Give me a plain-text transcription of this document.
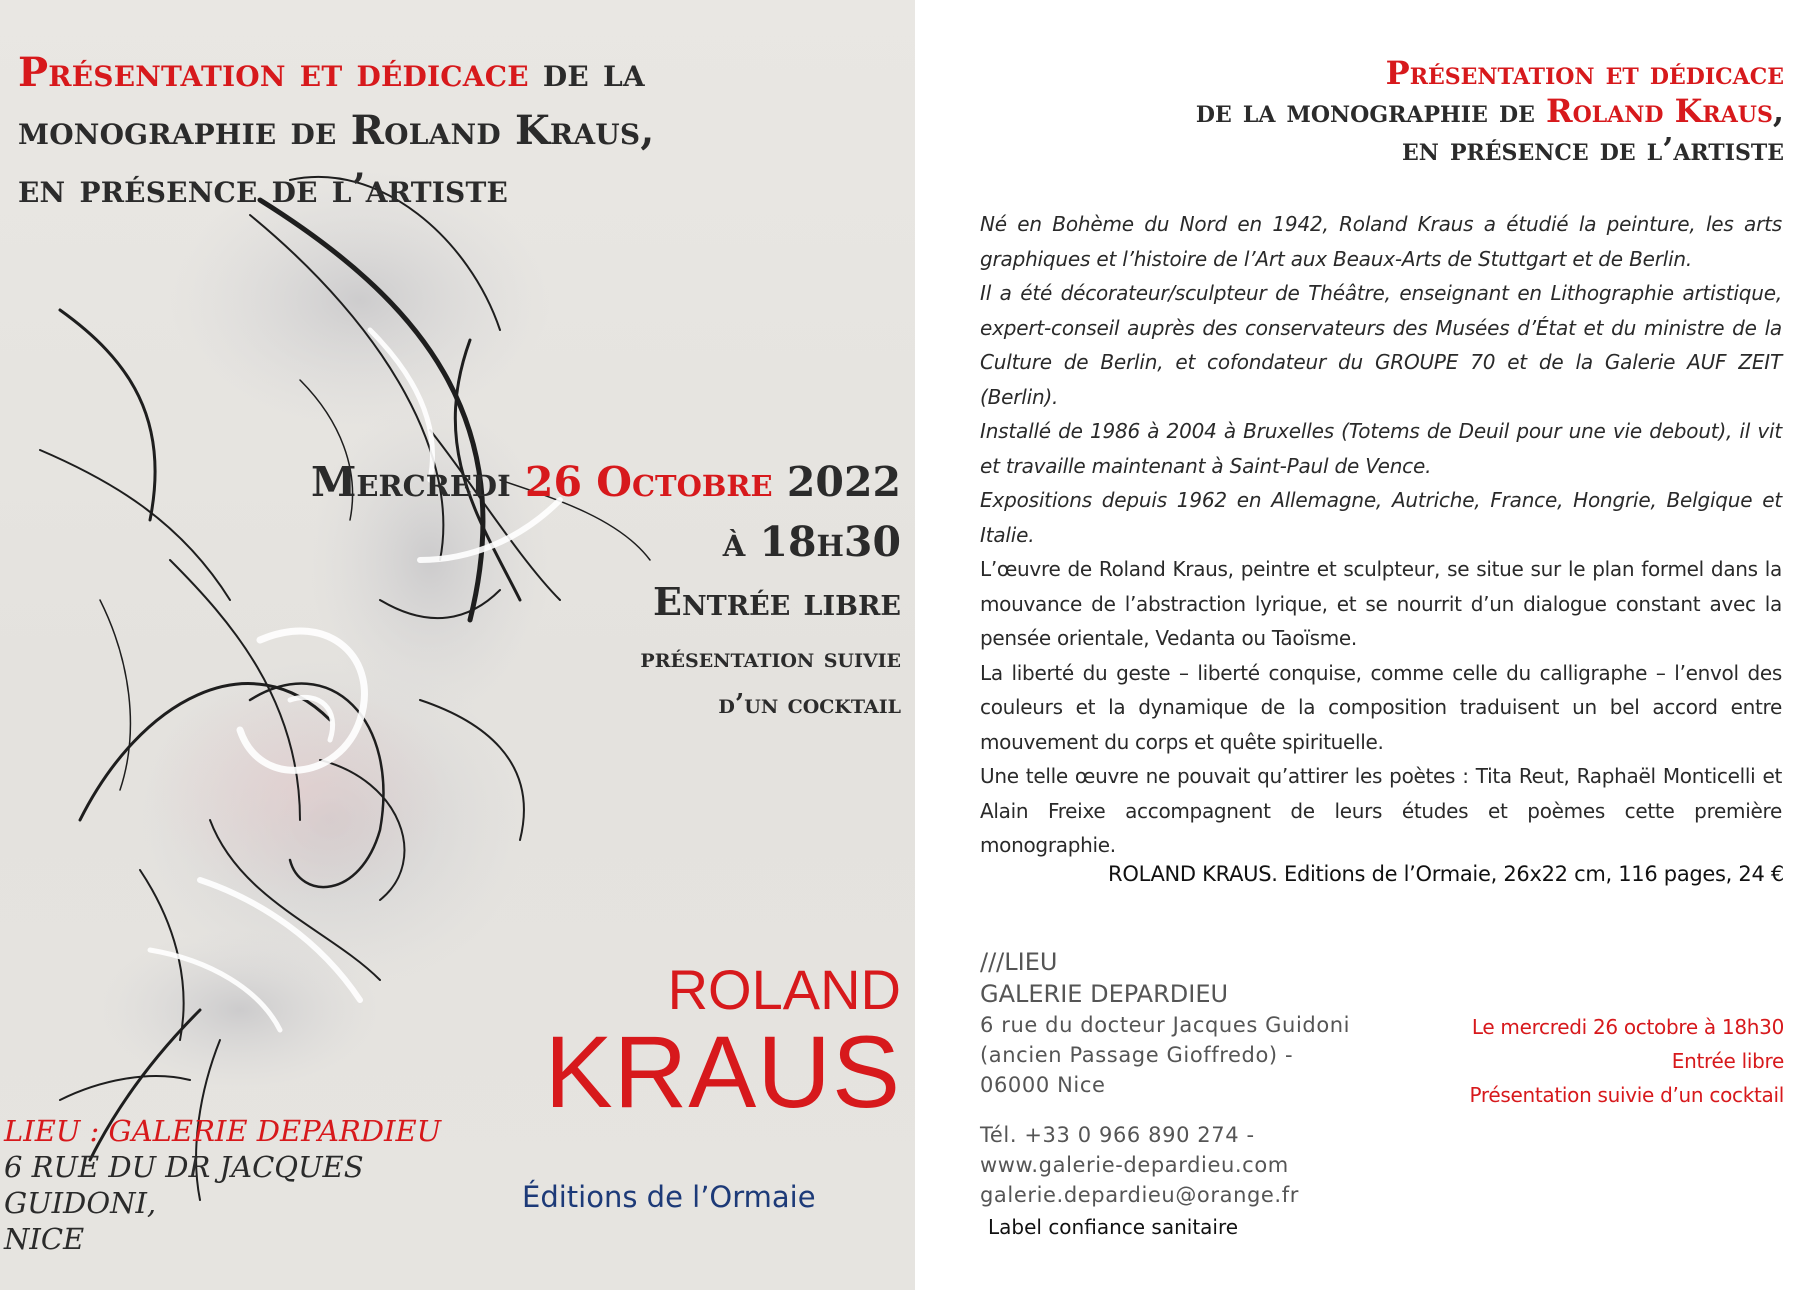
Présentation et dédicace de la
monographie de Roland Kraus,
en présence de l’artiste
Mercredi 26 Octobre 2022
à 18h30
Entrée libre
présentation suivie
d’un cocktail
ROLAND
KRAUS
LIEU : GALERIE DEPARDIEU
6 RUE DU DR JACQUES GUIDONI,
NICE
Éditions de l’Ormaie
Présentation et dédicace
de la monographie de Roland Kraus,
en présence de l’artiste

Né en Bohème du Nord en 1942, Roland Kraus a étudié la peinture, les arts graphiques et l’histoire de l’Art aux Beaux-Arts de Stuttgart et de Berlin.

Il a été décorateur/sculpteur de Théâtre, enseignant en Lithographie artistique, expert-conseil auprès des conservateurs des Musées d’État et du ministre de la Culture de Berlin, et cofondateur du GROUPE 70 et de la Galerie AUF ZEIT (Berlin).

Installé de 1986 à 2004 à Bruxelles (Totems de Deuil pour une vie debout), il vit et travaille maintenant à Saint-Paul de Vence.

Expositions depuis 1962 en Allemagne, Autriche, France, Hongrie, Belgique et Italie.

L’œuvre de Roland Kraus, peintre et sculpteur, se situe sur le plan formel dans la mouvance de l’abstraction lyrique, et se nourrit d’un dialogue constant avec la pensée orientale, Vedanta ou Taoïsme.

La liberté du geste – liberté conquise, comme celle du calligraphe – l’envol des couleurs et la dynamique de la composition traduisent un bel accord entre mouvement du corps et quête spirituelle.

Une telle œuvre ne pouvait qu’attirer les poètes : Tita Reut, Raphaël Monticelli et Alain Freixe accompagnent de leurs études et poèmes cette première monographie.

ROLAND KRAUS. Editions de l’Ormaie, 26x22 cm, 116 pages, 24 €
///LIEU
GALERIE DEPARDIEU
6 rue du docteur Jacques Guidoni
(ancien Passage Gioffredo) -
06000 Nice
Tél. +33 0 966 890 274 -
www.galerie-depardieu.com
galerie.depardieu@orange.fr
Label confiance sanitaire
Le mercredi 26 octobre à 18h30
Entrée libre
Présentation suivie d’un cocktail
